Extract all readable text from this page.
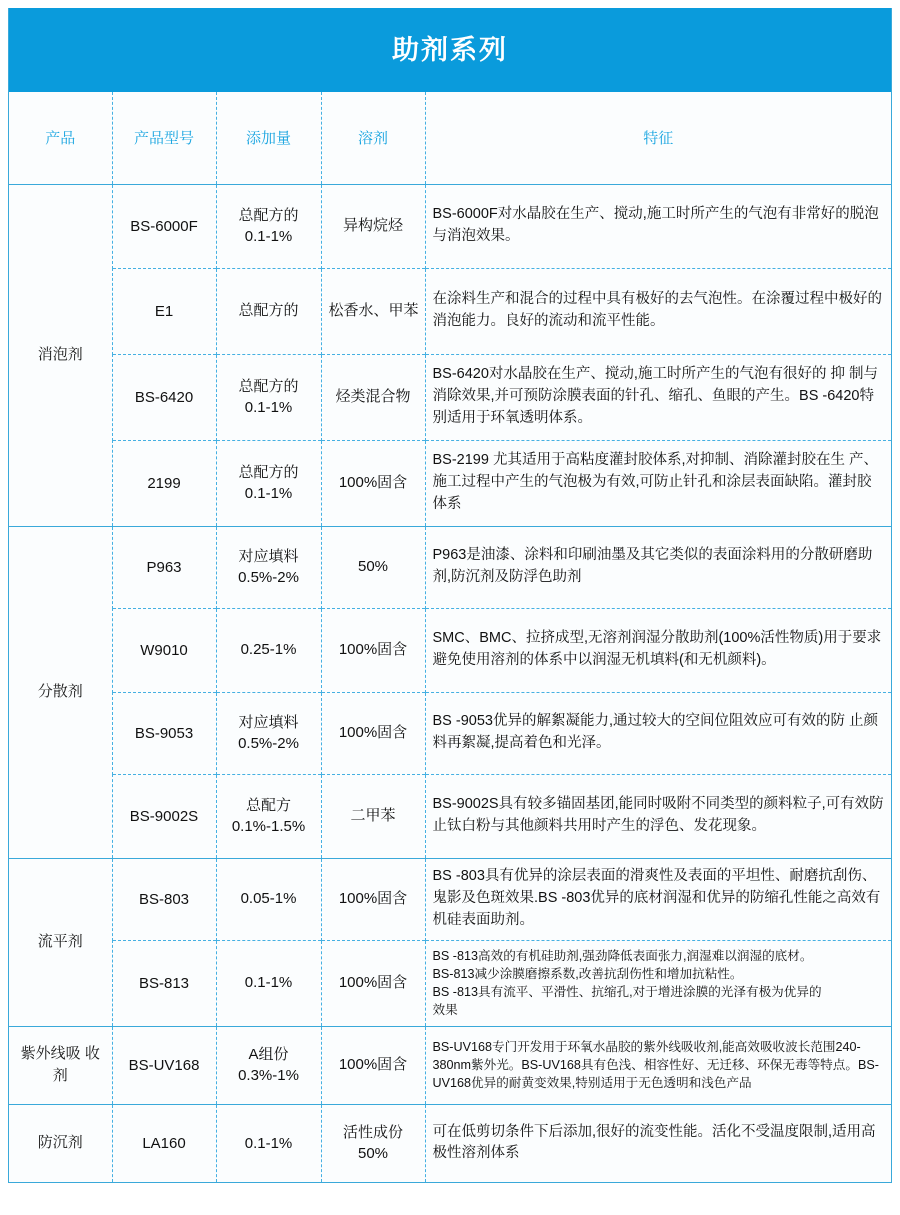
助剂系列
产品	产品型号	添加量	溶剂	特征
消泡剂	BS-6000F	总配方的 0.1-1%	异构烷烃	BS-6000F对水晶胶在生产、搅动,施工时所产生的气泡有非常好的脱泡与消泡效果。
	E1	总配方的	松香水、甲苯	在涂料生产和混合的过程中具有极好的去气泡性。在涂覆过程中极好的消泡能力。良好的流动和流平性能。
	BS-6420	总配方的 0.1-1%	烃类混合物	BS-6420对水晶胶在生产、搅动,施工时所产生的气泡有很好的 抑 制与消除效果,并可预防涂膜表面的针孔、缩孔、鱼眼的产生。BS -6420特别适用于环氧透明体系。
	2199	总配方的 0.1-1%	100%固含	BS-2199 尤其适用于高粘度灌封胶体系,对抑制、消除灌封胶在生 产、施工过程中产生的气泡极为有效,可防止针孔和涂层表面缺陷。灌封胶体系
分散剂	P963	对应填料 0.5%-2%	50%	P963是油漆、涂料和印刷油墨及其它类似的表面涂料用的分散研磨助剂,防沉剂及防浮色助剂
	W9010	0.25-1%	100%固含	SMC、BMC、拉挤成型,无溶剂润湿分散助剂(100%活性物质)用于要求避免使用溶剂的体系中以润湿无机填料(和无机颜料)。
	BS-9053	对应填料 0.5%-2%	100%固含	BS -9053优异的解絮凝能力,通过较大的空间位阻效应可有效的防 止颜料再絮凝,提高着色和光泽。
	BS-9002S	总配方 0.1%-1.5%	二甲苯	BS-9002S具有较多锚固基团,能同时吸附不同类型的颜料粒子,可有效防止钛白粉与其他颜料共用时产生的浮色、发花现象。
流平剂	BS-803	0.05-1%	100%固含	BS -803具有优异的涂层表面的滑爽性及表面的平坦性、耐磨抗刮伤、鬼影及色斑效果.BS -803优异的底材润湿和优异的防缩孔性能之高效有机硅表面助剂。
	BS-813	0.1-1%	100%固含	BS -813高效的有机硅助剂,强劲降低表面张力,润湿难以润湿的底材。
BS-813减少涂膜磨擦系数,改善抗刮伤性和增加抗粘性。
BS -813具有流平、平滑性、抗缩孔,对于增进涂膜的光泽有极为优异的
效果

紫外线吸 收剂	BS-UV168	A组份 0.3%-1%	100%固含	BS-UV168专门开发用于环氧水晶胶的紫外线吸收剂,能高效吸收波长范围240-380nm紫外光。BS-UV168具有色浅、相容性好、无迁移、环保无毒等特点。BS-UV168优异的耐黄变效果,特别适用于无色透明和浅色产品
防沉剂	LA160	0.1-1%	活性成份 50%	可在低剪切条件下后添加,很好的流变性能。活化不受温度限制,适用高极性溶剂体系
